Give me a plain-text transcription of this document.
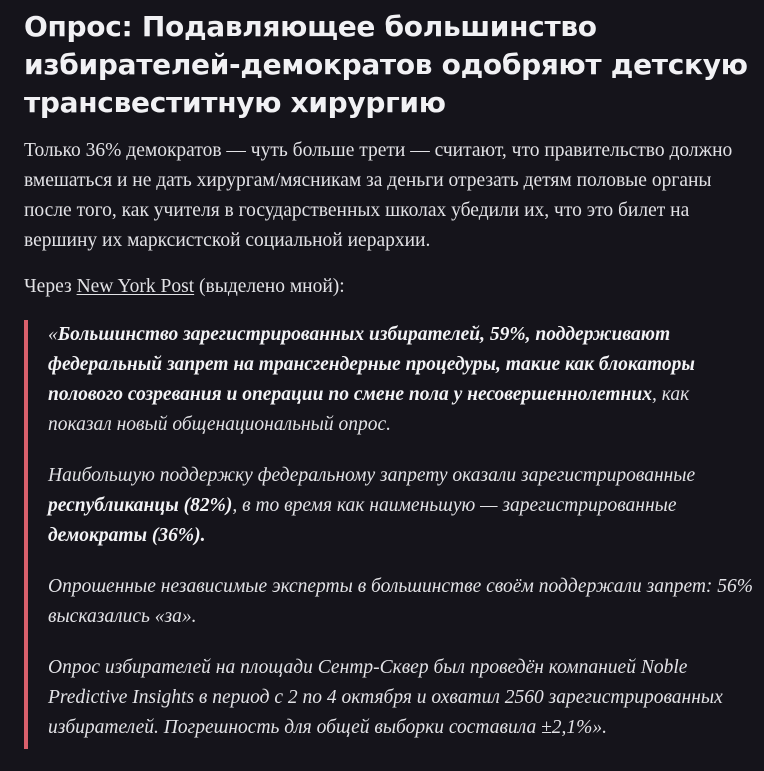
Опрос: Подавляющее большинство избирателей-демократов одобряют детскую трансвеститную хирургию

Только 36% демократов — чуть больше трети — считают, что правительство должно вмешаться и не дать хирургам/мясникам за деньги отрезать детям половые органы после того, как учителя в государственных школах убедили их, что это билет на вершину их марксистской социальной иерархии.

Через New York Post (выделено мной):

«Большинство зарегистрированных избирателей, 59%, поддерживают федеральный запрет на трансгендерные процедуры, такие как блокаторы полового созревания и операции по смене пола у несовершеннолетних, как показал новый общенациональный опрос.

Наибольшую поддержку федеральному запрету оказали зарегистрированные республиканцы (82%), в то время как наименьшую — зарегистрированные демократы (36%).

Опрошенные независимые эксперты в большинстве своём поддержали запрет: 56% высказались «за».

Опрос избирателей на площади Сентр-Сквер был проведён компанией Noble Predictive Insights в период с 2 по 4 октября и охватил 2560 зарегистрированных избирателей. Погрешность для общей выборки составила ±2,1%».
